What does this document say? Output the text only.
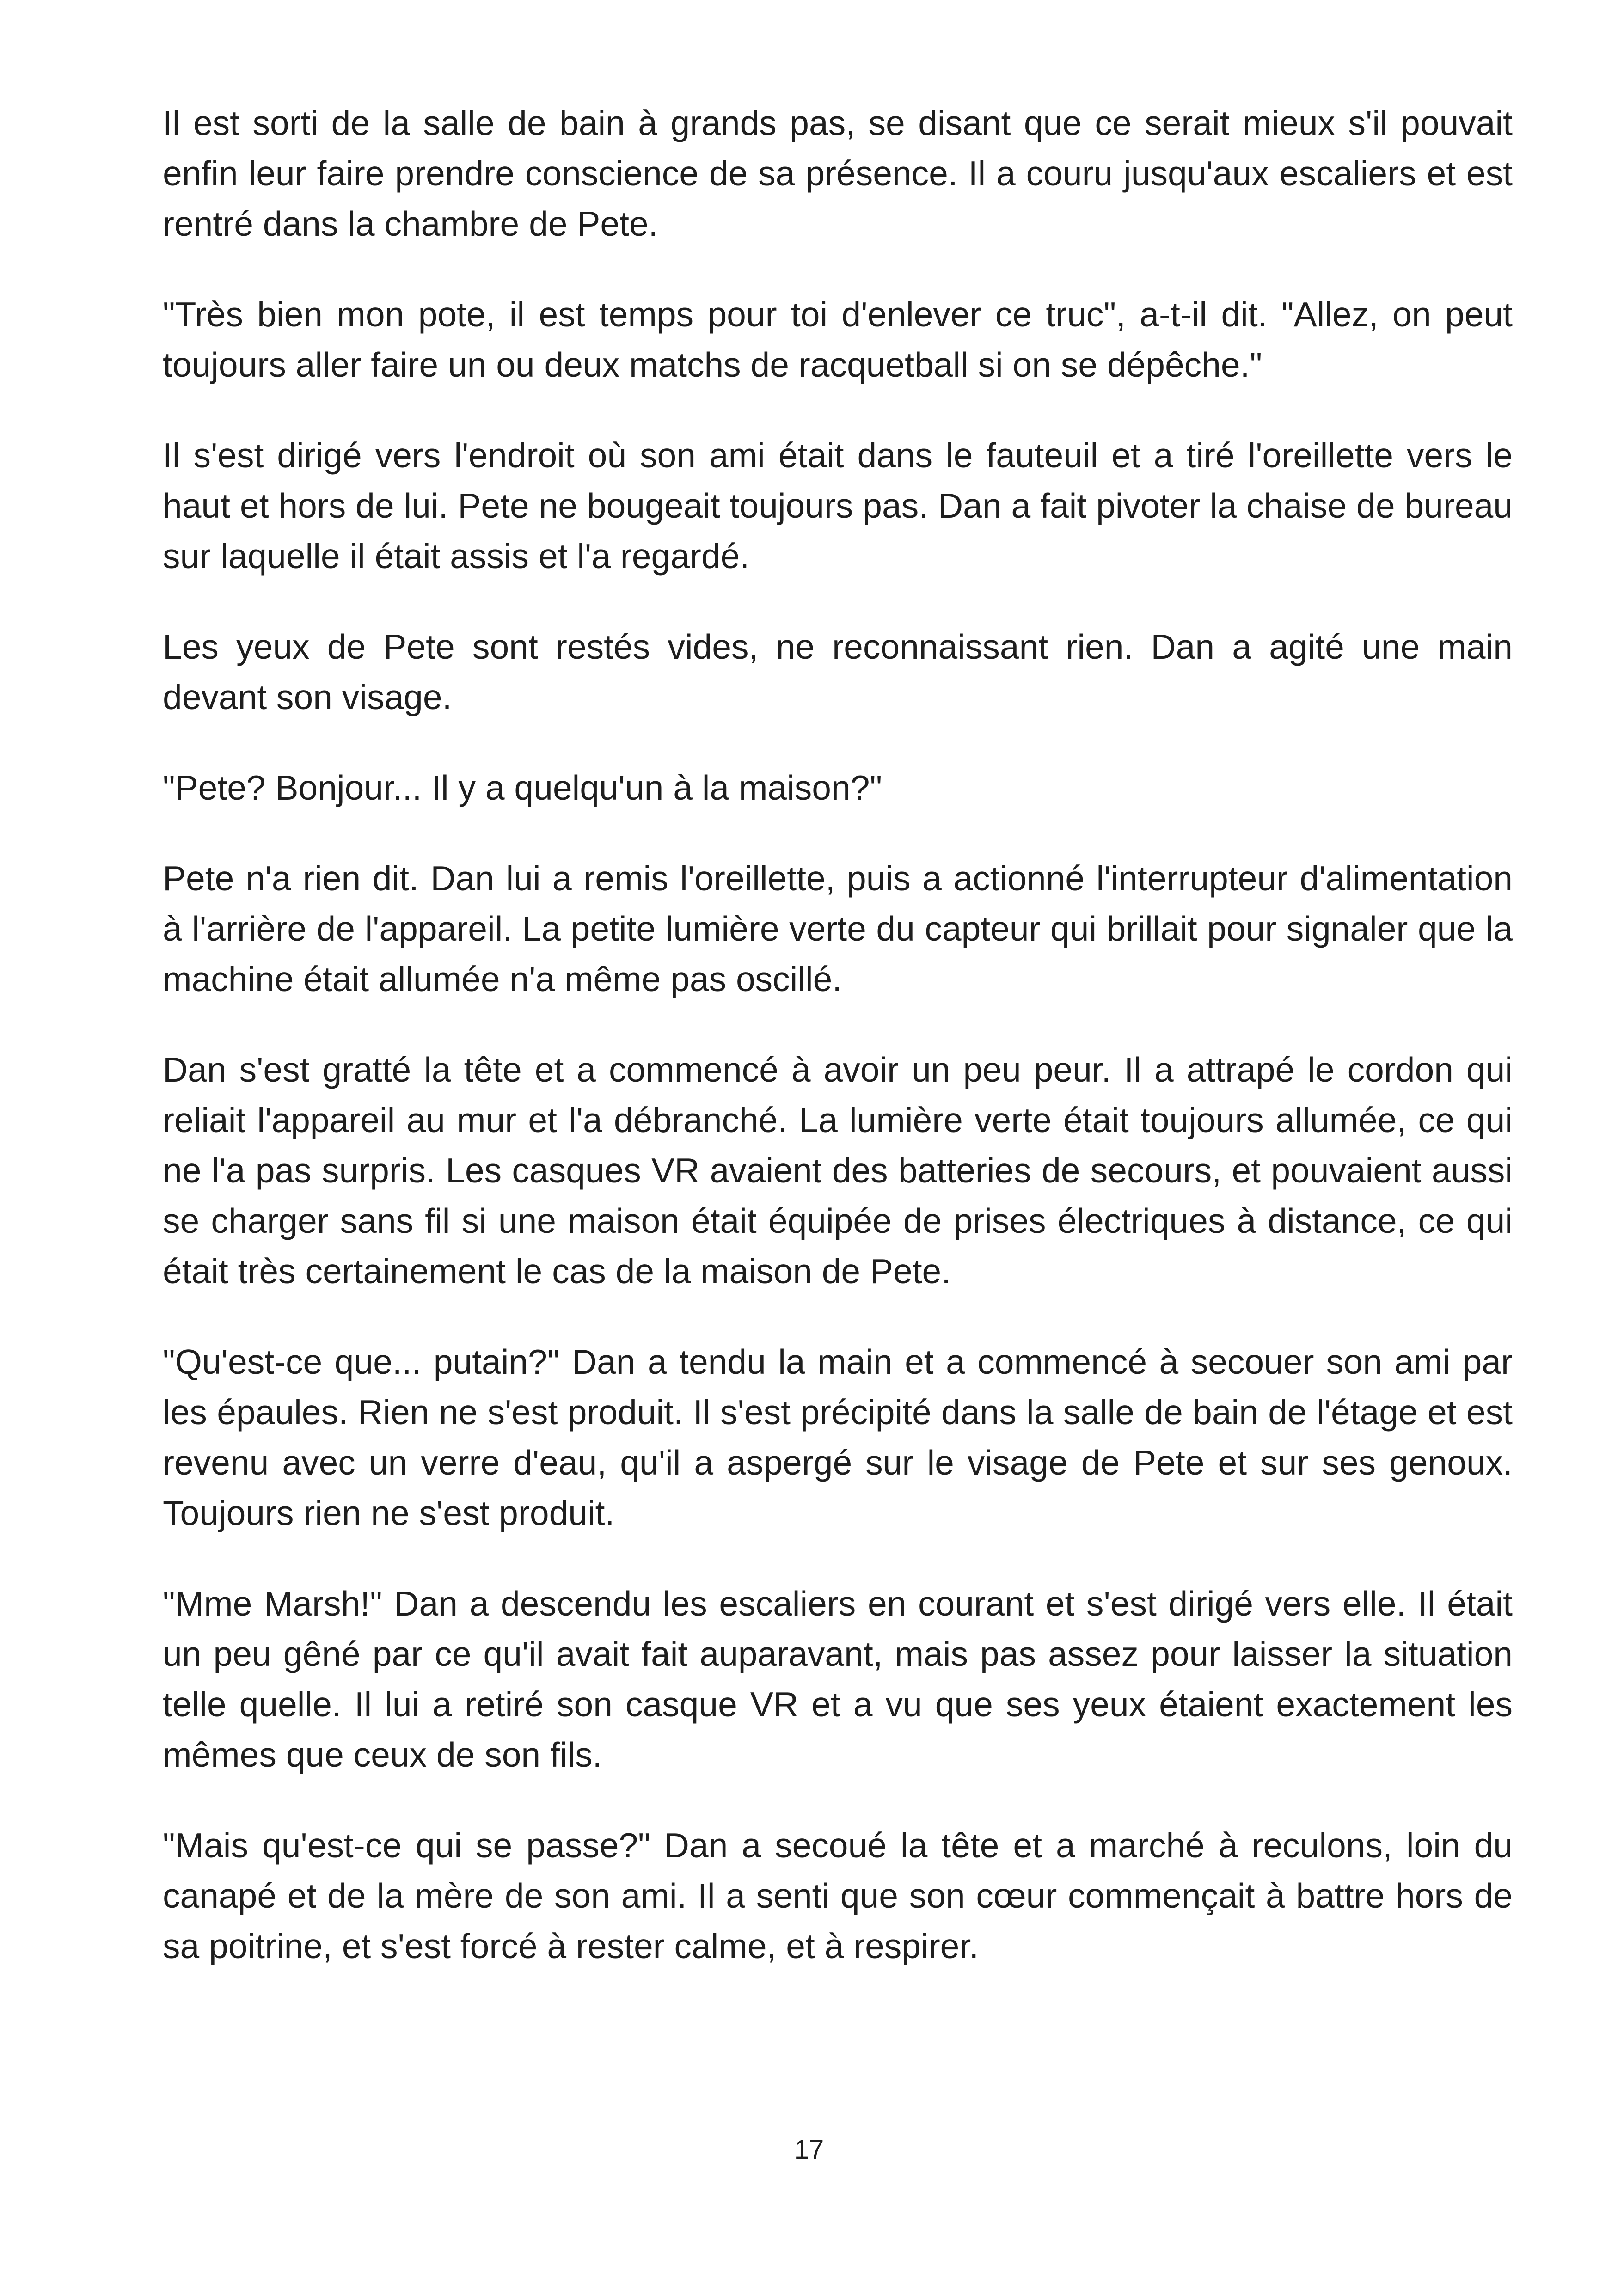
Il est sorti de la salle de bain à grands pas, se disant que ce serait mieux s'il pouvait enfin leur faire prendre conscience de sa présence. Il a couru jusqu'aux escaliers et est rentré dans la chambre de Pete.

"Très bien mon pote, il est temps pour toi d'enlever ce truc", a-t-il dit. "Allez, on peut toujours aller faire un ou deux matchs de racquetball si on se dépêche."

Il s'est dirigé vers l'endroit où son ami était dans le fauteuil et a tiré l'oreillette vers le haut et hors de lui. Pete ne bougeait toujours pas. Dan a fait pivoter la chaise de bureau sur laquelle il était assis et l'a regardé.

Les yeux de Pete sont restés vides, ne reconnaissant rien. Dan a agité une main devant son visage.

"Pete? Bonjour... Il y a quelqu'un à la maison?"

Pete n'a rien dit. Dan lui a remis l'oreillette, puis a actionné l'interrupteur d'alimentation à l'arrière de l'appareil. La petite lumière verte du capteur qui brillait pour signaler que la machine était allumée n'a même pas oscillé.

Dan s'est gratté la tête et a commencé à avoir un peu peur. Il a attrapé le cordon qui reliait l'appareil au mur et l'a débranché. La lumière verte était toujours allumée, ce qui ne l'a pas surpris. Les casques VR avaient des batteries de secours, et pouvaient aussi se charger sans fil si une maison était équipée de prises électriques à distance, ce qui était très certainement le cas de la maison de Pete.

"Qu'est-ce que... putain?" Dan a tendu la main et a commencé à secouer son ami par les épaules. Rien ne s'est produit. Il s'est précipité dans la salle de bain de l'étage et est revenu avec un verre d'eau, qu'il a aspergé sur le visage de Pete et sur ses genoux. Toujours rien ne s'est produit.

"Mme Marsh!" Dan a descendu les escaliers en courant et s'est dirigé vers elle. Il était un peu gêné par ce qu'il avait fait auparavant, mais pas assez pour laisser la situation telle quelle. Il lui a retiré son casque VR et a vu que ses yeux étaient exactement les mêmes que ceux de son fils.

"Mais qu'est-ce qui se passe?" Dan a secoué la tête et a marché à reculons, loin du canapé et de la mère de son ami. Il a senti que son cœur commençait à battre hors de sa poitrine, et s'est forcé à rester calme, et à respirer.

17
